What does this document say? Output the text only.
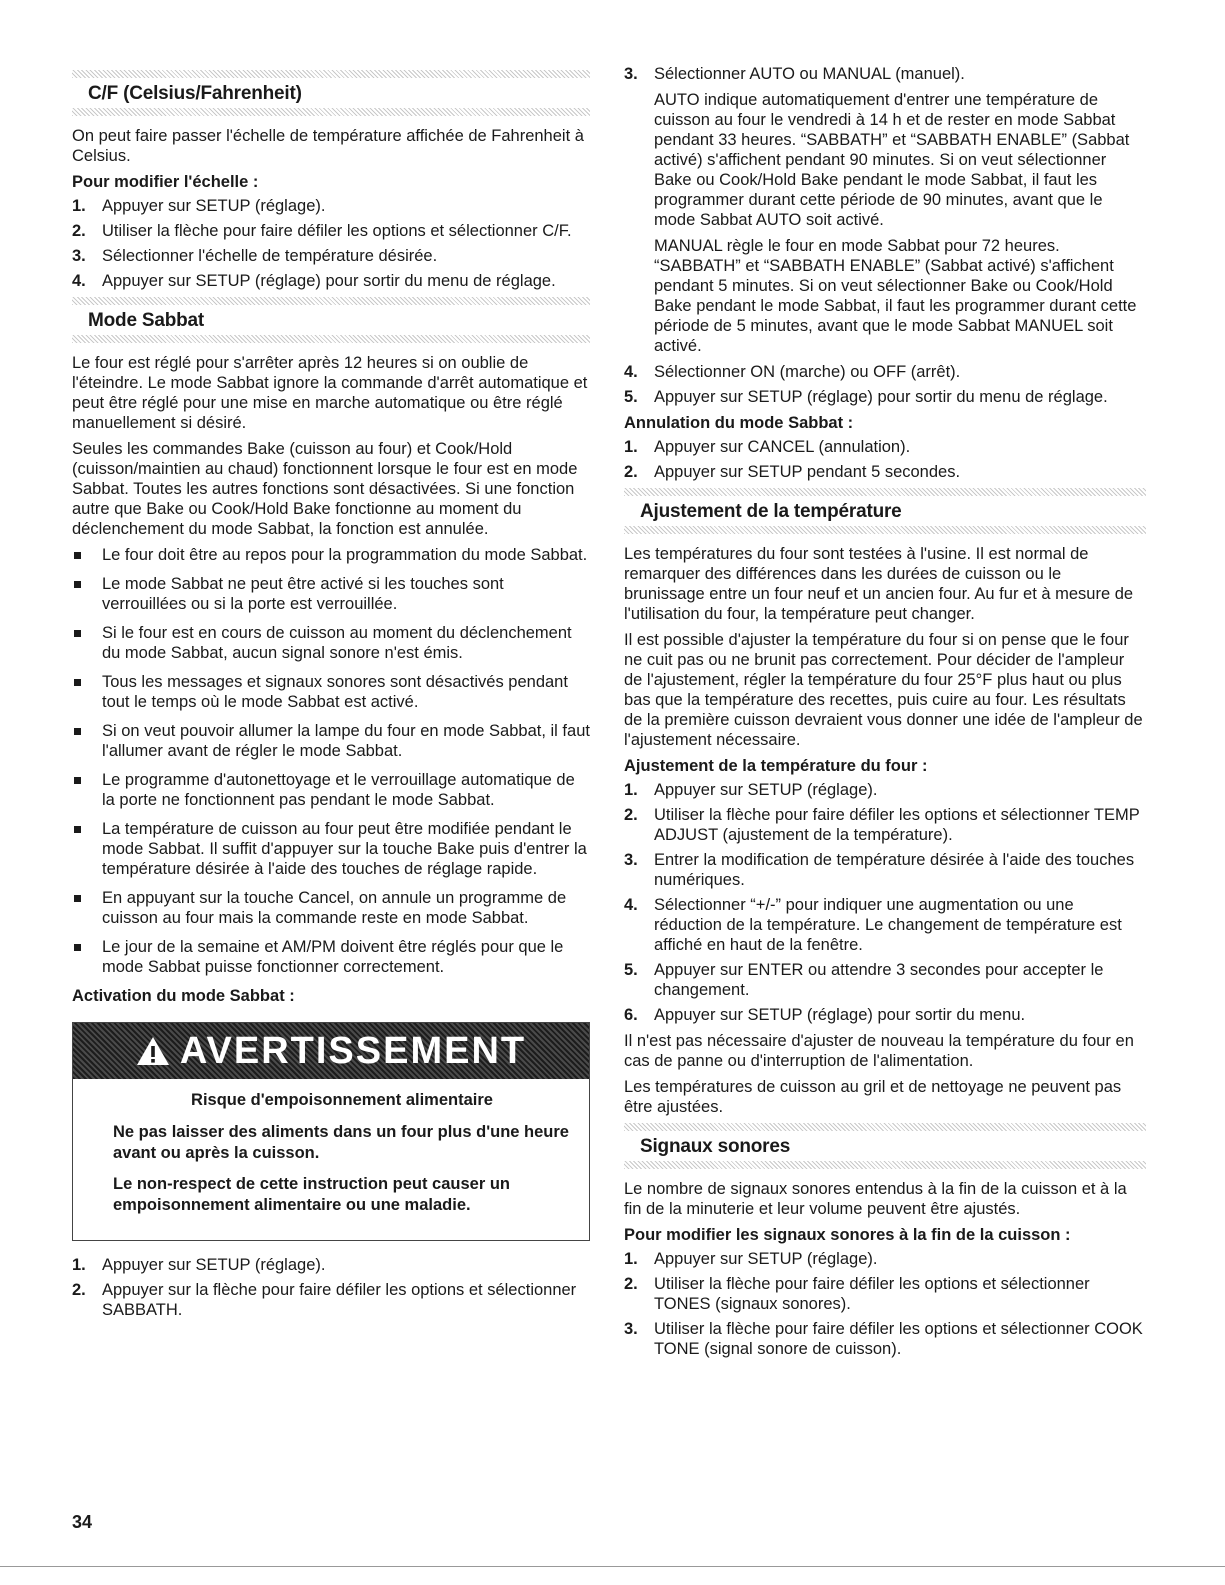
C/F (Celsius/Fahrenheit)

On peut faire passer l'échelle de température affichée de Fahrenheit à Celsius.

Pour modifier l'échelle :
1. Appuyer sur SETUP (réglage).
2. Utiliser la flèche pour faire défiler les options et sélectionner C/F.
3. Sélectionner l'échelle de température désirée.
4. Appuyer sur SETUP (réglage) pour sortir du menu de réglage.
Mode Sabbat

Le four est réglé pour s'arrêter après 12 heures si on oublie de l'éteindre. Le mode Sabbat ignore la commande d'arrêt automatique et peut être réglé pour une mise en marche automatique ou être réglé manuellement si désiré.

Seules les commandes Bake (cuisson au four) et Cook/Hold (cuisson/maintien au chaud) fonctionnent lorsque le four est en mode Sabbat. Toutes les autres fonctions sont désactivées. Si une fonction autre que Bake ou Cook/Hold Bake fonctionne au moment du déclenchement du mode Sabbat, la fonction est annulée.

Le four doit être au repos pour la programmation du mode Sabbat.
Le mode Sabbat ne peut être activé si les touches sont verrouillées ou si la porte est verrouillée.
Si le four est en cours de cuisson au moment du déclenchement du mode Sabbat, aucun signal sonore n'est émis.
Tous les messages et signaux sonores sont désactivés pendant tout le temps où le mode Sabbat est activé.
Si on veut pouvoir allumer la lampe du four en mode Sabbat, il faut l'allumer avant de régler le mode Sabbat.
Le programme d'autonettoyage et le verrouillage automatique de la porte ne fonctionnent pas pendant le mode Sabbat.
La température de cuisson au four peut être modifiée pendant le mode Sabbat. Il suffit d'appuyer sur la touche Bake puis d'entrer la température désirée à l'aide des touches de réglage rapide.
En appuyant sur la touche Cancel, on annule un programme de cuisson au four mais la commande reste en mode Sabbat.
Le jour de la semaine et AM/PM doivent être réglés pour que le mode Sabbat puisse fonctionner correctement.
Activation du mode Sabbat :
AVERTISSEMENT
Risque d'empoisonnement alimentaire

Ne pas laisser des aliments dans un four plus d'une heure avant ou après la cuisson.

Le non-respect de cette instruction peut causer un empoisonnement alimentaire ou une maladie.

1. Appuyer sur SETUP (réglage).
2. Appuyer sur la flèche pour faire défiler les options et sélectionner SABBATH.
3. Sélectionner AUTO ou MANUAL (manuel).

AUTO indique automatiquement d'entrer une température de cuisson au four le vendredi à 14 h et de rester en mode Sabbat pendant 33 heures. “SABBATH” et “SABBATH ENABLE” (Sabbat activé) s'affichent pendant 90 minutes. Si on veut sélectionner Bake ou Cook/Hold Bake pendant le mode Sabbat, il faut les programmer durant cette période de 90 minutes, avant que le mode Sabbat AUTO soit activé.

MANUAL règle le four en mode Sabbat pour 72 heures. “SABBATH” et “SABBATH ENABLE” (Sabbat activé) s'affichent pendant 5 minutes. Si on veut sélectionner Bake ou Cook/Hold Bake pendant le mode Sabbat, il faut les programmer durant cette période de 5 minutes, avant que le mode Sabbat MANUEL soit activé.

4. Sélectionner ON (marche) ou OFF (arrêt).
5. Appuyer sur SETUP (réglage) pour sortir du menu de réglage.
Annulation du mode Sabbat :
1. Appuyer sur CANCEL (annulation).
2. Appuyer sur SETUP pendant 5 secondes.
Ajustement de la température

Les températures du four sont testées à l'usine. Il est normal de remarquer des différences dans les durées de cuisson ou le brunissage entre un four neuf et un ancien four. Au fur et à mesure de l'utilisation du four, la température peut changer.

Il est possible d'ajuster la température du four si on pense que le four ne cuit pas ou ne brunit pas correctement. Pour décider de l'ampleur de l'ajustement, régler la température du four 25°F plus haut ou plus bas que la température des recettes, puis cuire au four. Les résultats de la première cuisson devraient vous donner une idée de l'ampleur de l'ajustement nécessaire.

Ajustement de la température du four :
1. Appuyer sur SETUP (réglage).
2. Utiliser la flèche pour faire défiler les options et sélectionner TEMP ADJUST (ajustement de la température).
3. Entrer la modification de température désirée à l'aide des touches numériques.
4. Sélectionner “+/-” pour indiquer une augmentation ou une réduction de la température. Le changement de température est affiché en haut de la fenêtre.
5. Appuyer sur ENTER ou attendre 3 secondes pour accepter le changement.
6. Appuyer sur SETUP (réglage) pour sortir du menu.

Il n'est pas nécessaire d'ajuster de nouveau la température du four en cas de panne ou d'interruption de l'alimentation.

Les températures de cuisson au gril et de nettoyage ne peuvent pas être ajustées.

Signaux sonores

Le nombre de signaux sonores entendus à la fin de la cuisson et à la fin de la minuterie et leur volume peuvent être ajustés.

Pour modifier les signaux sonores à la fin de la cuisson :
1. Appuyer sur SETUP (réglage).
2. Utiliser la flèche pour faire défiler les options et sélectionner TONES (signaux sonores).
3. Utiliser la flèche pour faire défiler les options et sélectionner COOK TONE (signal sonore de cuisson).
34
